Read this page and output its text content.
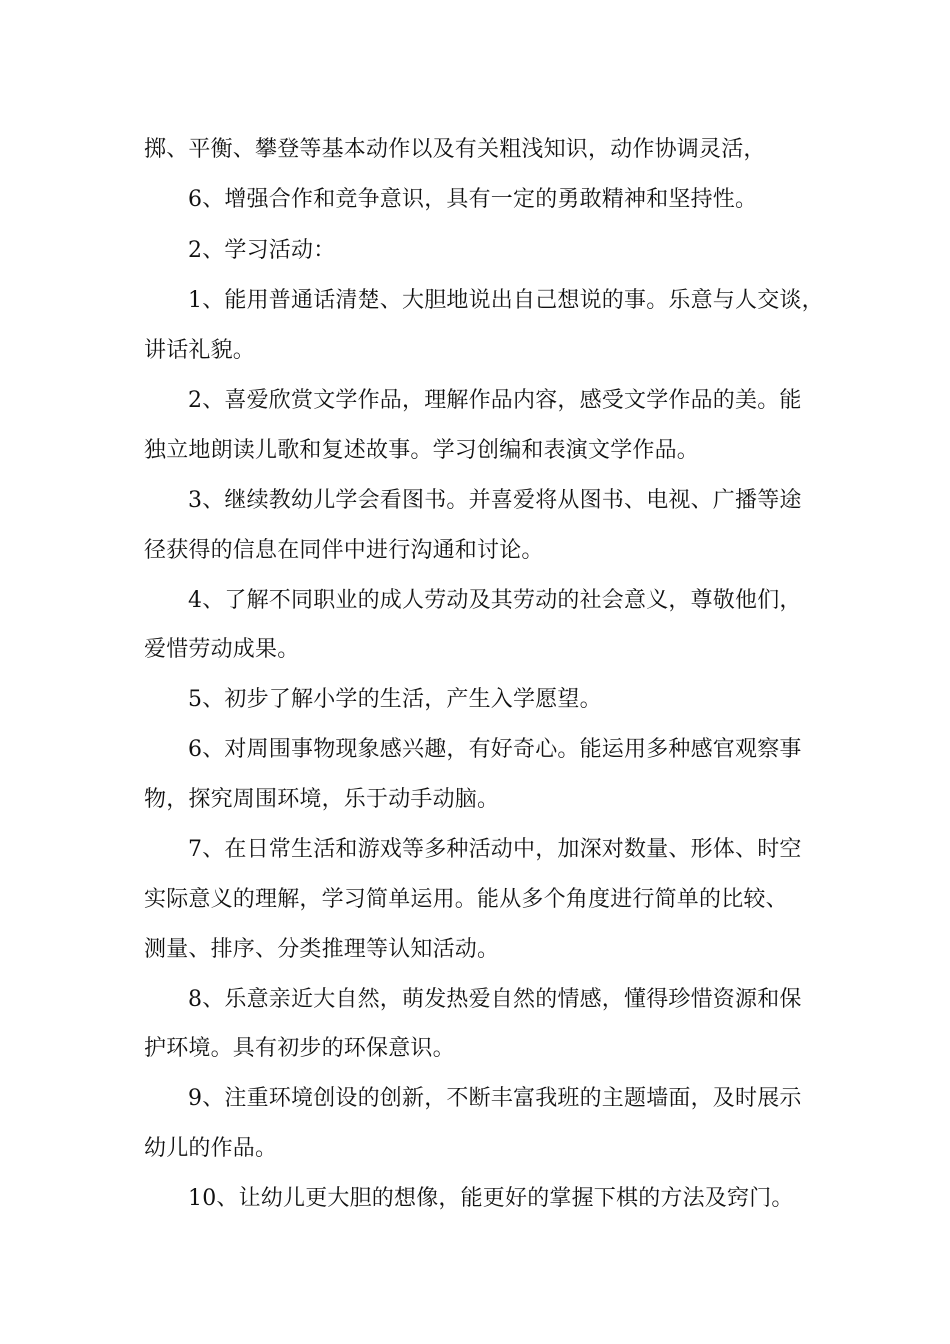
掷、平衡、攀登等基本动作以及有关粗浅知识，动作协调灵活，
6、增强合作和竞争意识，具有一定的勇敢精神和坚持性。
2、学习活动：
1、能用普通话清楚、大胆地说出自己想说的事。乐意与人交谈，
讲话礼貌。
2、喜爱欣赏文学作品，理解作品内容，感受文学作品的美。能
独立地朗读儿歌和复述故事。学习创编和表演文学作品。
3、继续教幼儿学会看图书。并喜爱将从图书、电视、广播等途
径获得的信息在同伴中进行沟通和讨论。
4、了解不同职业的成人劳动及其劳动的社会意义，尊敬他们，
爱惜劳动成果。
5、初步了解小学的生活，产生入学愿望。
6、对周围事物现象感兴趣，有好奇心。能运用多种感官观察事
物，探究周围环境，乐于动手动脑。
7、在日常生活和游戏等多种活动中，加深对数量、形体、时空
实际意义的理解，学习简单运用。能从多个角度进行简单的比较、
测量、排序、分类推理等认知活动。
8、乐意亲近大自然，萌发热爱自然的情感，懂得珍惜资源和保
护环境。具有初步的环保意识。
9、注重环境创设的创新，不断丰富我班的主题墙面，及时展示
幼儿的作品。
10、让幼儿更大胆的想像，能更好的掌握下棋的方法及窍门。
